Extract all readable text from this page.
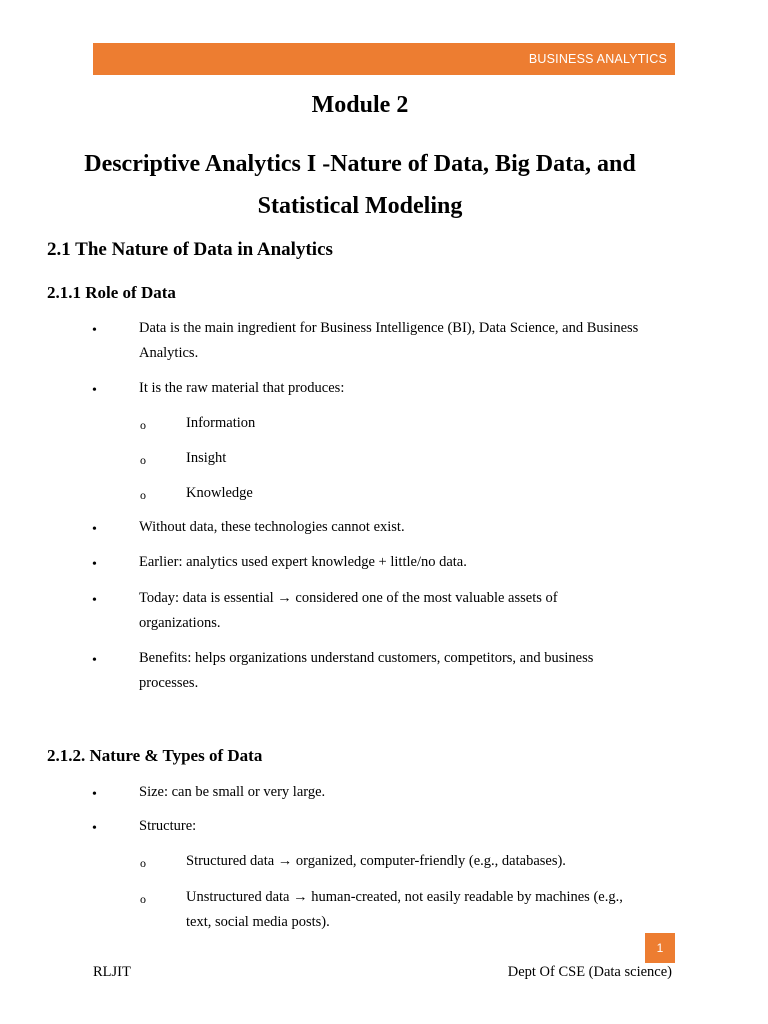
BUSINESS ANALYTICS
Module 2
Descriptive Analytics I -Nature of Data, Big Data, and
Statistical Modeling
2.1 The Nature of Data in Analytics
2.1.1 Role of Data
•	Data is the main ingredient for Business Intelligence (BI), Data Science, and Business
Analytics.
•	It is the raw material that produces:
o	Information
o	Insight
o	Knowledge
•	Without data, these technologies cannot exist.
•	Earlier: analytics used expert knowledge + little/no data.
•	Today: data is essential → considered one of the most valuable assets of
organizations.
•	Benefits: helps organizations understand customers, competitors, and business
processes.
2.1.2. Nature & Types of Data
•	Size: can be small or very large.
•	Structure:
o	Structured data → organized, computer-friendly (e.g., databases).
o	Unstructured data → human-created, not easily readable by machines (e.g.,
text, social media posts).
1
RLJIT	Dept Of CSE (Data science)
